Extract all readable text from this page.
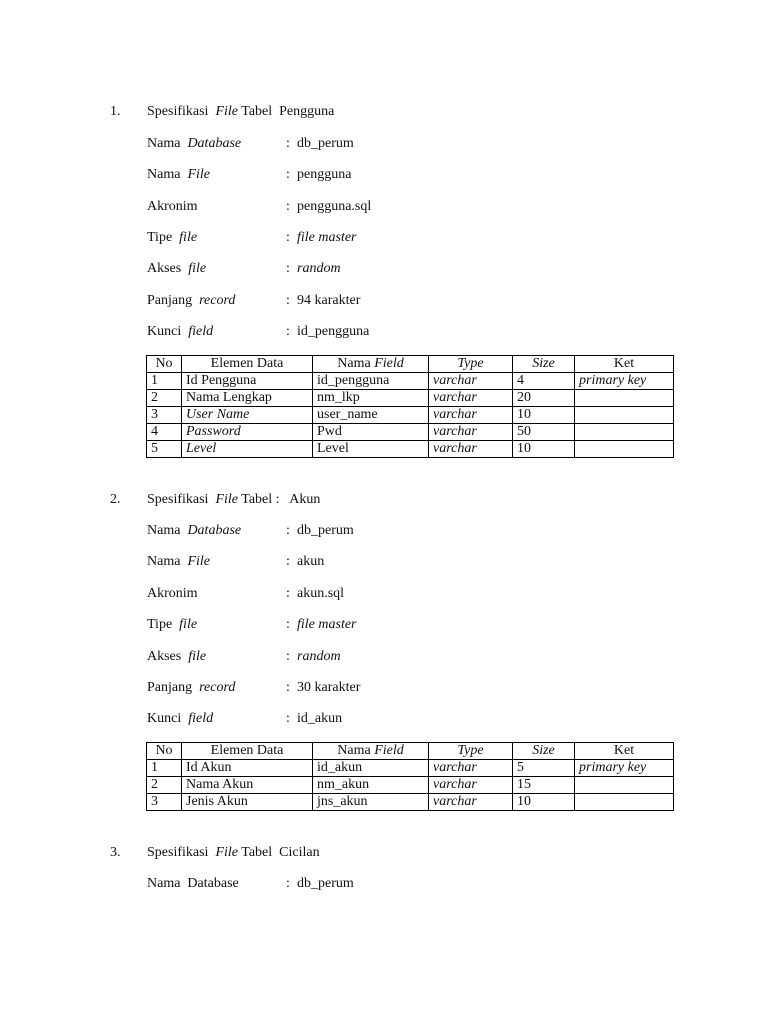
1. Spesifikasi File Tabel  Pengguna
Nama Database	: db_perum
Nama File	: pengguna
Akronim	: pengguna.sql
Tipe file	: file master
Akses file	: random
Panjang record	: 94 karakter
Kunci field	: id_pengguna
No	Elemen Data	Nama Field	Type	Size	Ket
1	Id Pengguna	id_pengguna	varchar	4	primary key
2	Nama Lengkap	nm_lkp	varchar	20	
3	User Name	user_name	varchar	10	
4	Password	Pwd	varchar	50	
5	Level	Level	varchar	10	
2. Spesifikasi File Tabel :   Akun
Nama Database	: db_perum
Nama File	: akun
Akronim	: akun.sql
Tipe file	: file master
Akses file	: random
Panjang record	: 30 karakter
Kunci field	: id_akun
No	Elemen Data	Nama Field	Type	Size	Ket
1	Id Akun	id_akun	varchar	5	primary key
2	Nama Akun	nm_akun	varchar	15	
3	Jenis Akun	jns_akun	varchar	10	
3. Spesifikasi File Tabel  Cicilan
Nama  Database	: db_perum
